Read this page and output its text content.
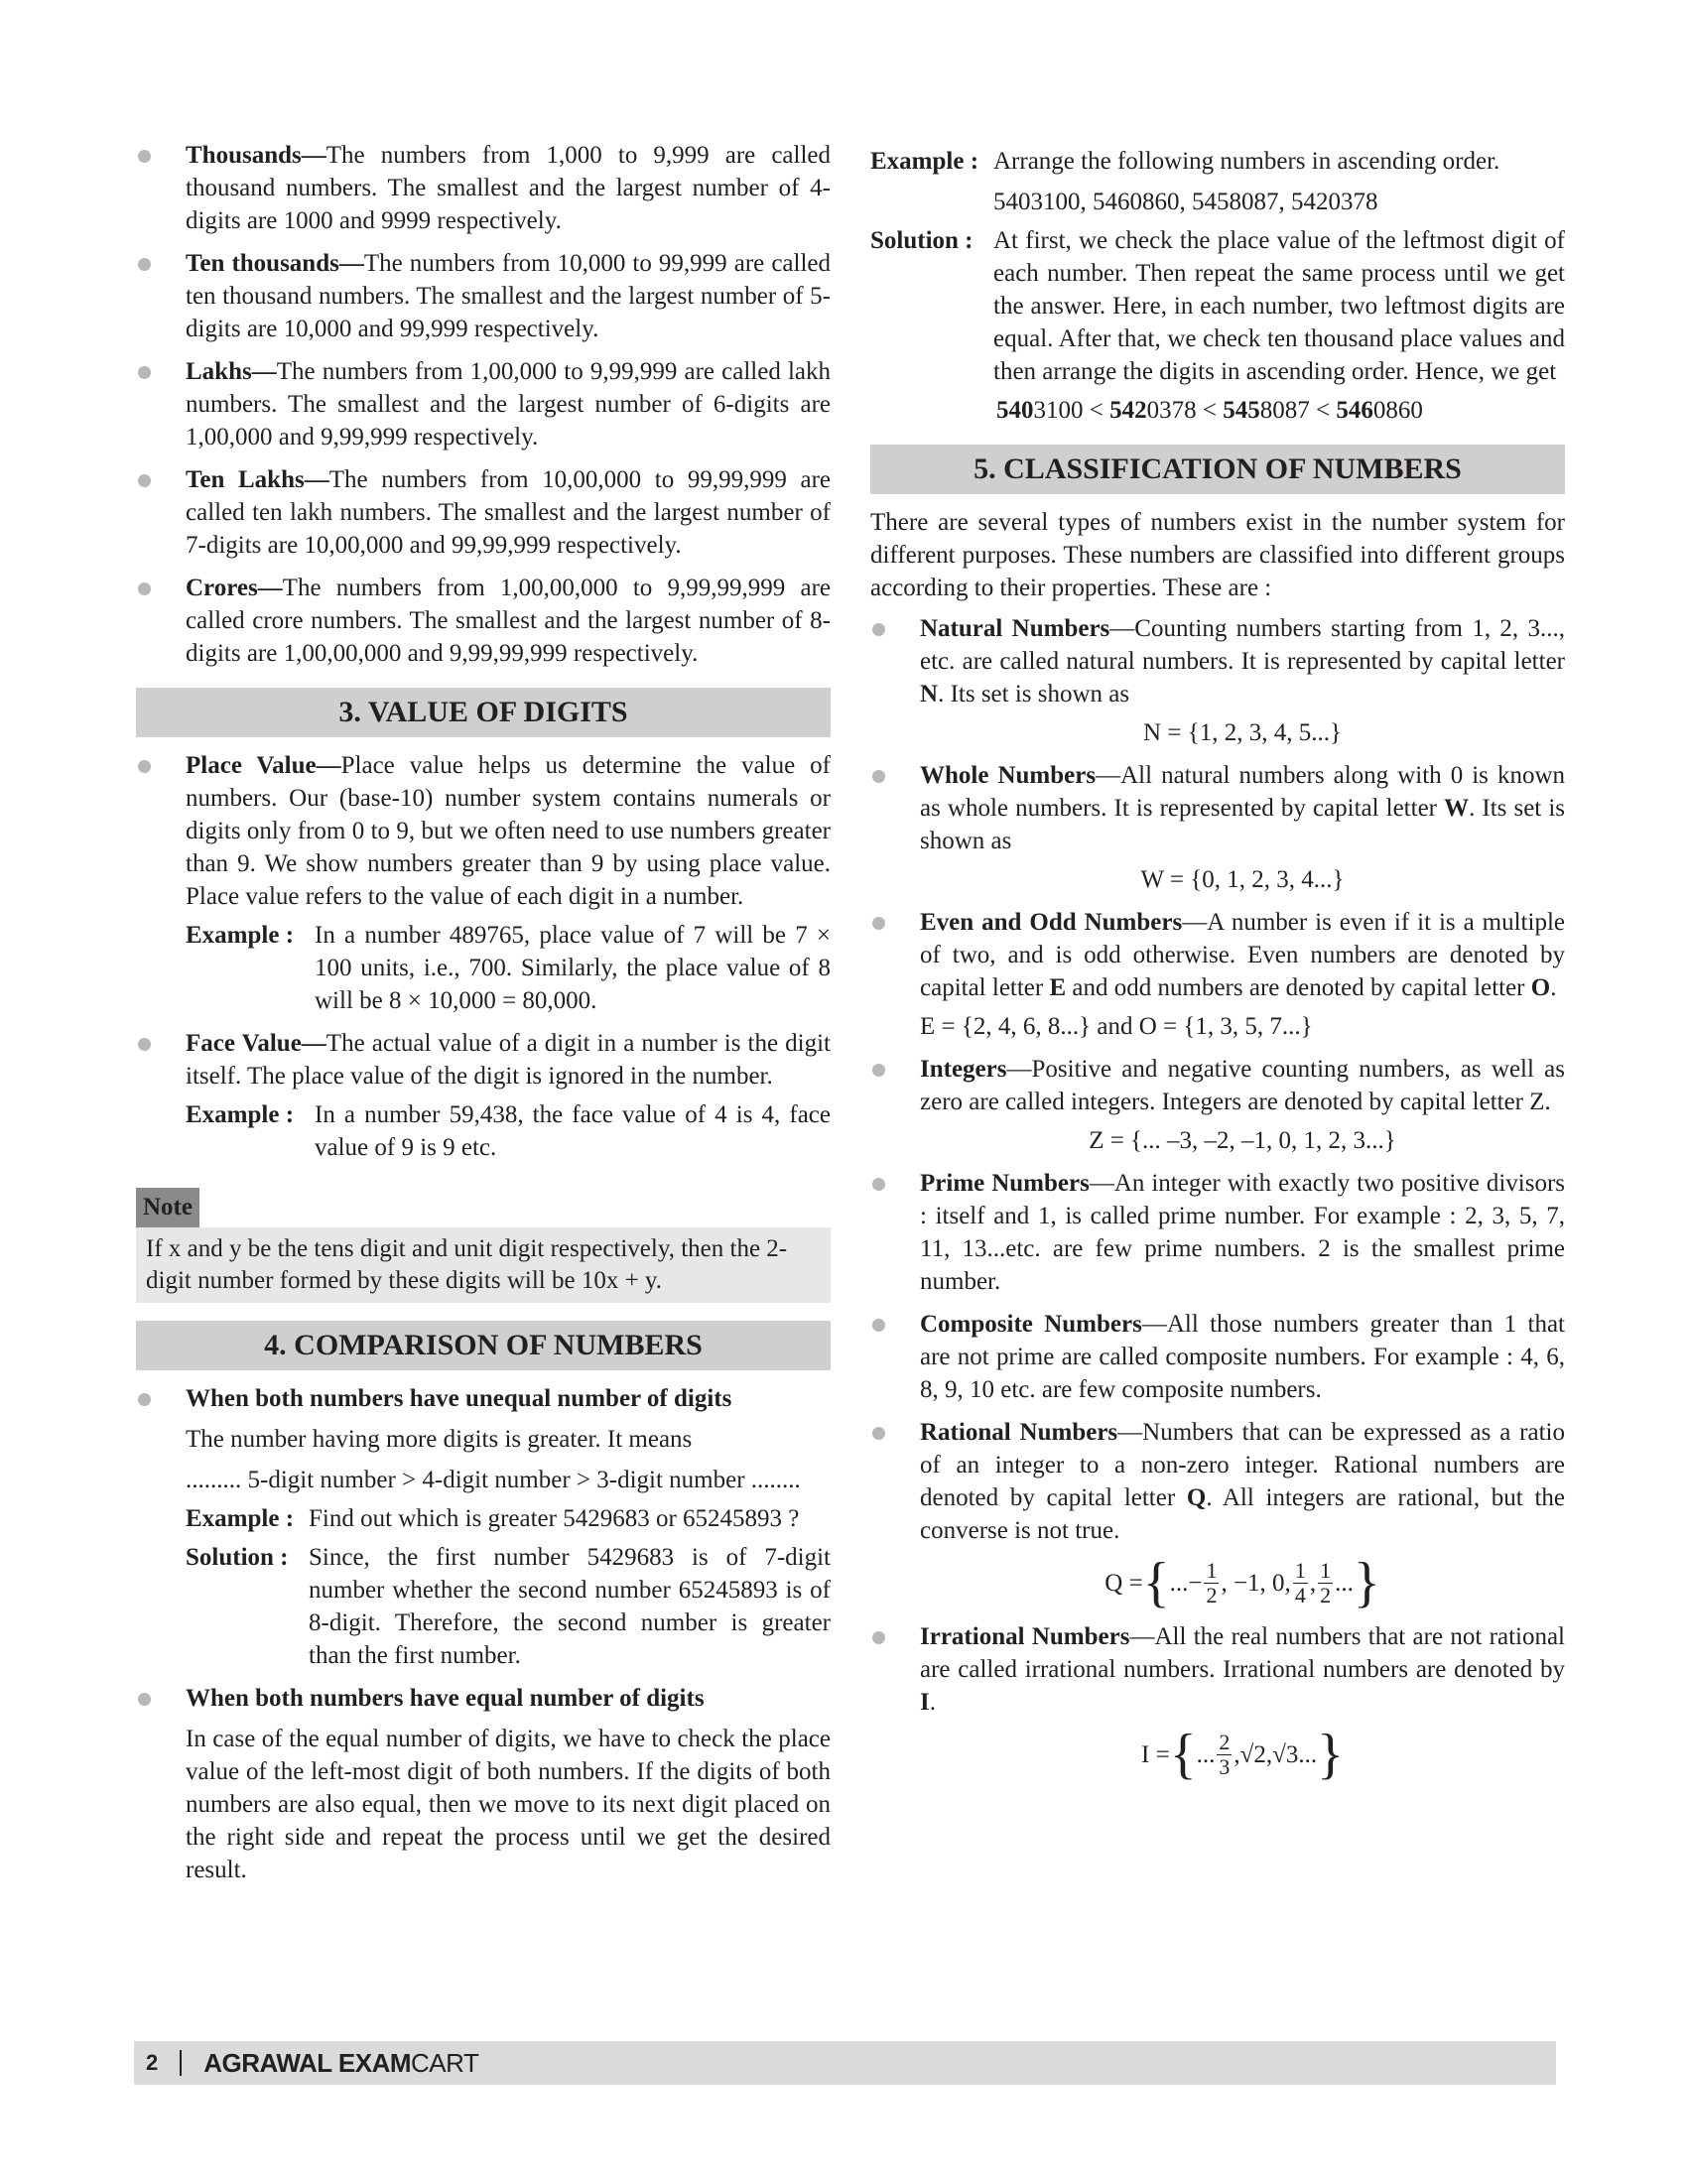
Thousands—The numbers from 1,000 to 9,999 are called thousand numbers. The smallest and the largest number of 4-digits are 1000 and 9999 respectively.
Ten thousands—The numbers from 10,000 to 99,999 are called ten thousand numbers. The smallest and the largest number of 5-digits are 10,000 and 99,999 respectively.
Lakhs—The numbers from 1,00,000 to 9,99,999 are called lakh numbers. The smallest and the largest number of 6-digits are 1,00,000 and 9,99,999 respectively.
Ten Lakhs—The numbers from 10,00,000 to 99,99,999 are called ten lakh numbers. The smallest and the largest number of 7-digits are 10,00,000 and 99,99,999 respectively.
Crores—The numbers from 1,00,00,000 to 9,99,99,999 are called crore numbers. The smallest and the largest number of 8-digits are 1,00,00,000 and 9,99,99,999 respectively.
3. VALUE OF DIGITS
Place Value—Place value helps us determine the value of numbers. Our (base-10) number system contains numerals or digits only from 0 to 9, but we often need to use numbers greater than 9. We show numbers greater than 9 by using place value. Place value refers to the value of each digit in a number.
Example : In a number 489765, place value of 7 will be 7 × 100 units, i.e., 700. Similarly, the place value of 8 will be 8 × 10,000 = 80,000.
Face Value—The actual value of a digit in a number is the digit itself. The place value of the digit is ignored in the number.
Example : In a number 59,438, the face value of 4 is 4, face value of 9 is 9 etc.
Note
If x and y be the tens digit and unit digit respectively, then the 2-digit number formed by these digits will be 10x + y.
4. COMPARISON OF NUMBERS
When both numbers have unequal number of digits

The number having more digits is greater. It means

......... 5-digit number > 4-digit number > 3-digit number ........

Example : Find out which is greater 5429683 or 65245893 ?
Solution : Since, the first number 5429683 is of 7-digit number whether the second number 65245893 is of 8-digit. Therefore, the second number is greater than the first number.
When both numbers have equal number of digits

In case of the equal number of digits, we have to check the place value of the left-most digit of both numbers. If the digits of both numbers are also equal, then we move to its next digit placed on the right side and repeat the process until we get the desired result.

Example : Arrange the following numbers in ascending order.
5403100, 5460860, 5458087, 5420378
Solution : At first, we check the place value of the leftmost digit of each number. Then repeat the same process until we get the answer. Here, in each number, two leftmost digits are equal. After that, we check ten thousand place values and then arrange the digits in ascending order. Hence, we get
5403100 < 5420378 < 5458087 < 5460860
5. CLASSIFICATION OF NUMBERS

There are several types of numbers exist in the number system for different purposes. These numbers are classified into different groups according to their properties. These are :

Natural Numbers—Counting numbers starting from 1, 2, 3..., etc. are called natural numbers. It is represented by capital letter N. Its set is shown as
N = {1, 2, 3, 4, 5...}
Whole Numbers—All natural numbers along with 0 is known as whole numbers. It is represented by capital letter W. Its set is shown as
W = {0, 1, 2, 3, 4...}
Even and Odd Numbers—A number is even if it is a multiple of two, and is odd otherwise. Even numbers are denoted by capital letter E and odd numbers are denoted by capital letter O.

E = {2, 4, 6, 8...} and O = {1, 3, 5, 7...}

Integers—Positive and negative counting numbers, as well as zero are called integers. Integers are denoted by capital letter Z.
Z = {... –3, –2, –1, 0, 1, 2, 3...}
Prime Numbers—An integer with exactly two positive divisors : itself and 1, is called prime number. For example : 2, 3, 5, 7, 11, 13...etc. are few prime numbers. 2 is the smallest prime number.
Composite Numbers—All those numbers greater than 1 that are not prime are called composite numbers. For example : 4, 6, 8, 9, 10 etc. are few composite numbers.
Rational Numbers—Numbers that can be expressed as a ratio of an integer to a non-zero integer. Rational numbers are denoted by capital letter Q. All integers are rational, but the converse is not true.
Q = { ...− $\frac{1}{2}$ , −1, 0, $\frac{1}{4}$ , $\frac{1}{2}$ ... }
Irrational Numbers—All the real numbers that are not rational are called irrational numbers. Irrational numbers are denoted by I.
I = { ... $\frac{2}{3}$ , √2 , √3 ... }
2 AGRAWAL EXAMCART
